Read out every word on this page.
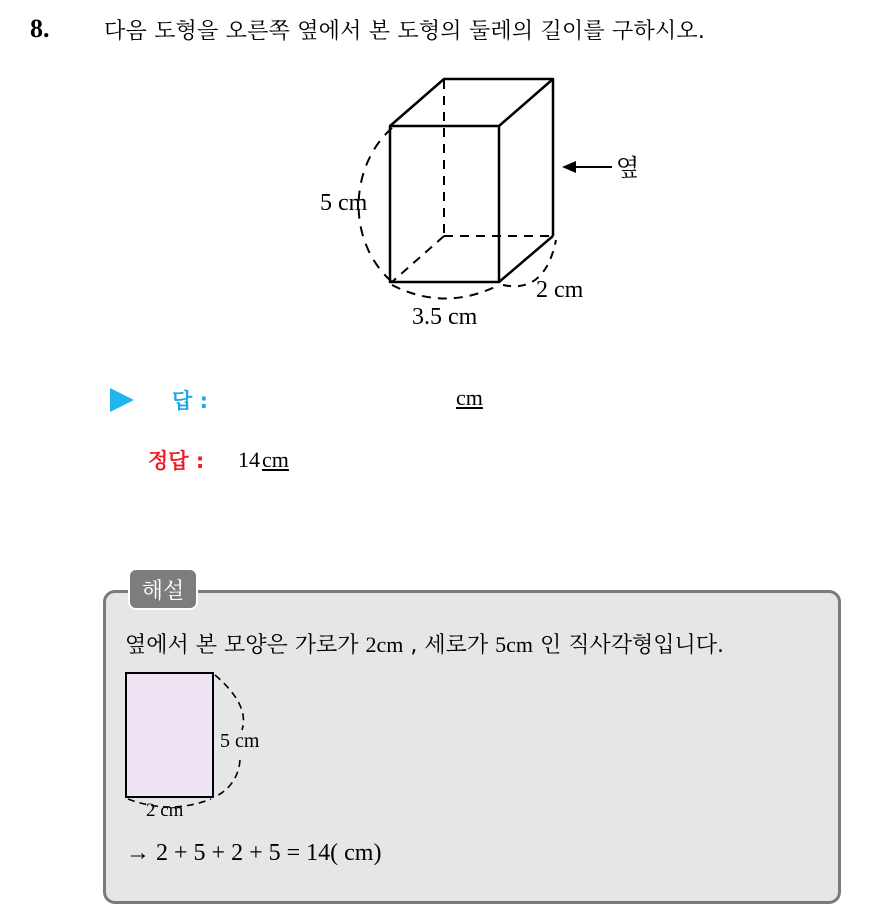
8. 다음 도형을 오른쪽 옆에서 본 도형의 둘레의 길이를 구하시오.
옆
5 cm
3.5 cm
2 cm
답 :	cm
정답 : 14cm
해설
옆에서 본 모양은 가로가 2cm , 세로가 5cm 인 직사각형입니다.
5 cm
2 cm
→ 2 + 5 + 2 + 5 = 14( cm)
